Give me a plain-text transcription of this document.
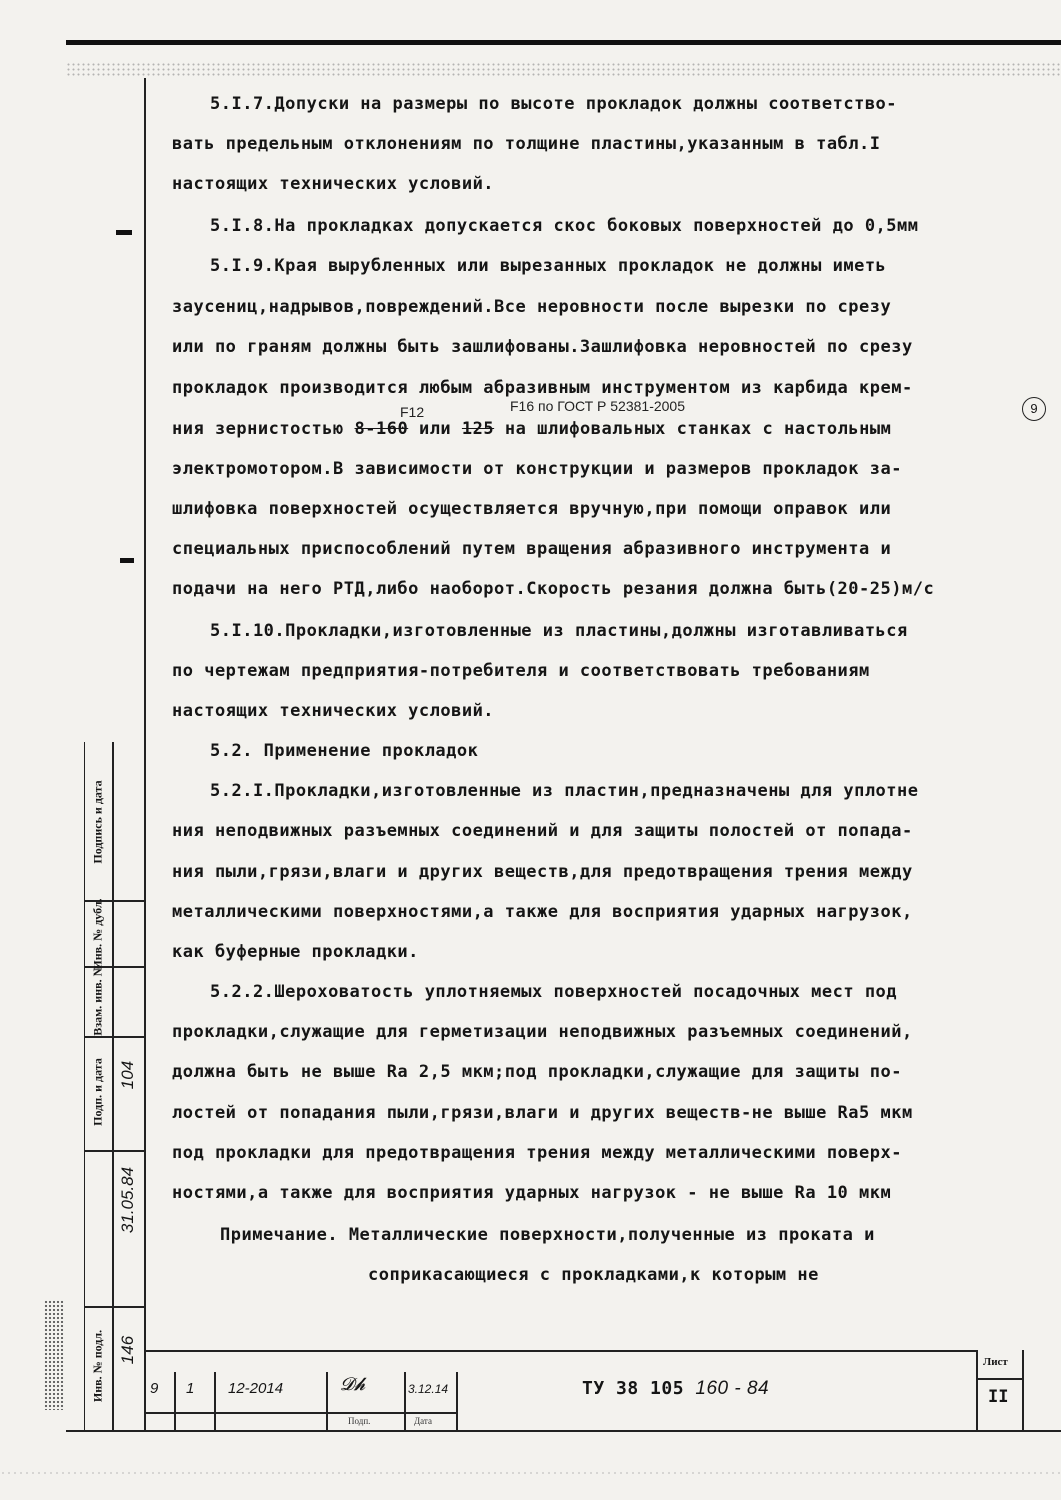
5.I.7.Допуски на размеры по высоте прокладок должны соответство-
вать предельным отклонениям по толщине пластины,указанным в табл.I
настоящих технических условий.
5.I.8.На прокладках допускается скос боковых поверхностей до 0,5мм
5.I.9.Края вырубленных или вырезанных прокладок не должны иметь
заусениц,надрывов,повреждений.Все неровности после вырезки по срезу
или по граням должны быть зашлифованы.Зашлифовка неровностей по срезу
прокладок производится любым абразивным инструментом из карбида крем-
ния зернистостью 8-160 или 125 на шлифовальных станках с настольным
электромотором.В зависимости от конструкции и размеров прокладок за-
шлифовка поверхностей осуществляется вручную,при помощи оправок или
специальных приспособлений путем вращения абразивного инструмента и
подачи на него РТД,либо наоборот.Скорость резания должна быть(20-25)м/с
5.I.10.Прокладки,изготовленные из пластины,должны изготавливаться
по чертежам предприятия-потребителя и соответствовать требованиям
настоящих технических условий.
5.2. Применение прокладок
5.2.I.Прокладки,изготовленные из пластин,предназначены для уплотне
ния неподвижных разъемных соединений и для защиты полостей от попада-
ния пыли,грязи,влаги и других веществ,для предотвращения трения между
металлическими поверхностями,а также для восприятия ударных нагрузок,
как буферные прокладки.
5.2.2.Шероховатость уплотняемых поверхностей посадочных мест под
прокладки,служащие для герметизации неподвижных разъемных соединений,
должна быть не выше Ra 2,5 мкм;под прокладки,служащие для защиты по-
лостей от попадания пыли,грязи,влаги и других веществ-не выше Ra5 мкм
под прокладки для предотвращения трения между металлическими поверх-
ностями,а также для восприятия ударных нагрузок - не выше Ra 10 мкм
Примечание. Металлические поверхности,полученные из проката и
соприкасающиеся с прокладками,к которым не
F12	F16 по ГОСТ Р 52381-2005	9
Подпись и дата
Инв. № дубл.
Взам. инв. №
Подп. и дата
Инв. № подл.
104
31.05.84
146
9 1 12-2014	𝓓𝓱	3.12.14
Подп.	Дата
ТУ 38 105 160 - 84
Лист
II
